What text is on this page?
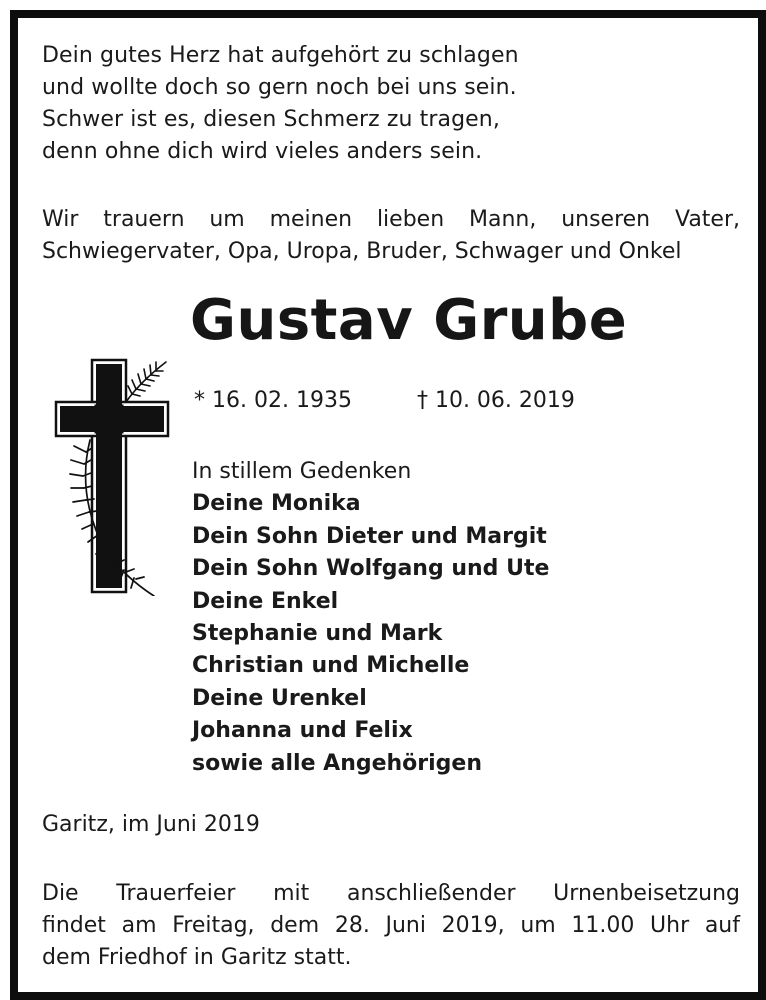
Dein gutes Herz hat aufgehört zu schlagen
und wollte doch so gern noch bei uns sein.
Schwer ist es, diesen Schmerz zu tragen,
denn ohne dich wird vieles anders sein.
Wir trauern um meinen lieben Mann, unseren Vater,
Schwiegervater, Opa, Uropa, Bruder, Schwager und Onkel
Gustav Grube
* 16. 02. 1935	† 10. 06. 2019
In stillem Gedenken
Deine Monika
Dein Sohn Dieter und Margit
Dein Sohn Wolfgang und Ute
Deine Enkel
Stephanie und Mark
Christian und Michelle
Deine Urenkel
Johanna und Felix
sowie alle Angehörigen
Garitz, im Juni 2019
Die Trauerfeier mit anschließender Urnenbeisetzung
findet am Freitag, dem 28. Juni 2019, um 11.00 Uhr auf
dem Friedhof in Garitz statt.
